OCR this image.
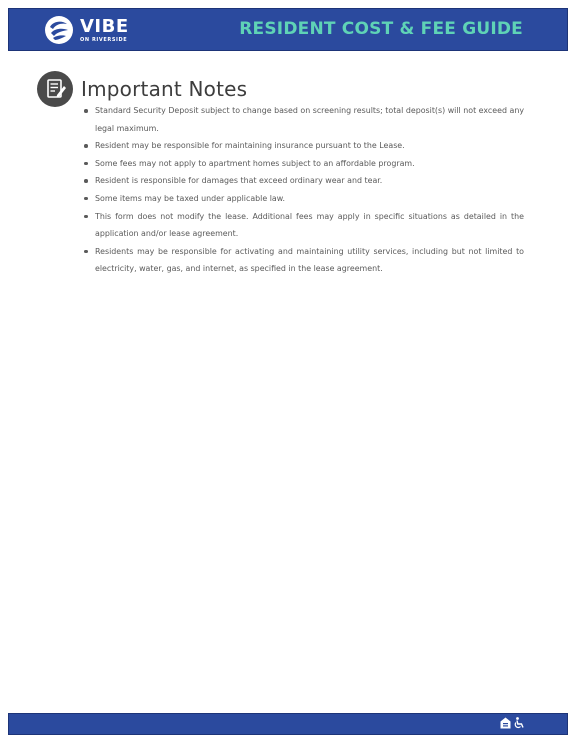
VIBE
ON RIVERSIDE
RESIDENT COST & FEE GUIDE
Important Notes
Standard Security Deposit subject to change based on screening results; total deposit(s) will not exceed any legal maximum.
Resident may be responsible for maintaining insurance pursuant to the Lease.
Some fees may not apply to apartment homes subject to an affordable program.
Resident is responsible for damages that exceed ordinary wear and tear.
Some items may be taxed under applicable law.
This form does not modify the lease. Additional fees may apply in specific situations as detailed in the application and/or lease agreement.
Residents may be responsible for activating and maintaining utility services, including but not limited to electricity, water, gas, and internet, as specified in the lease agreement.
